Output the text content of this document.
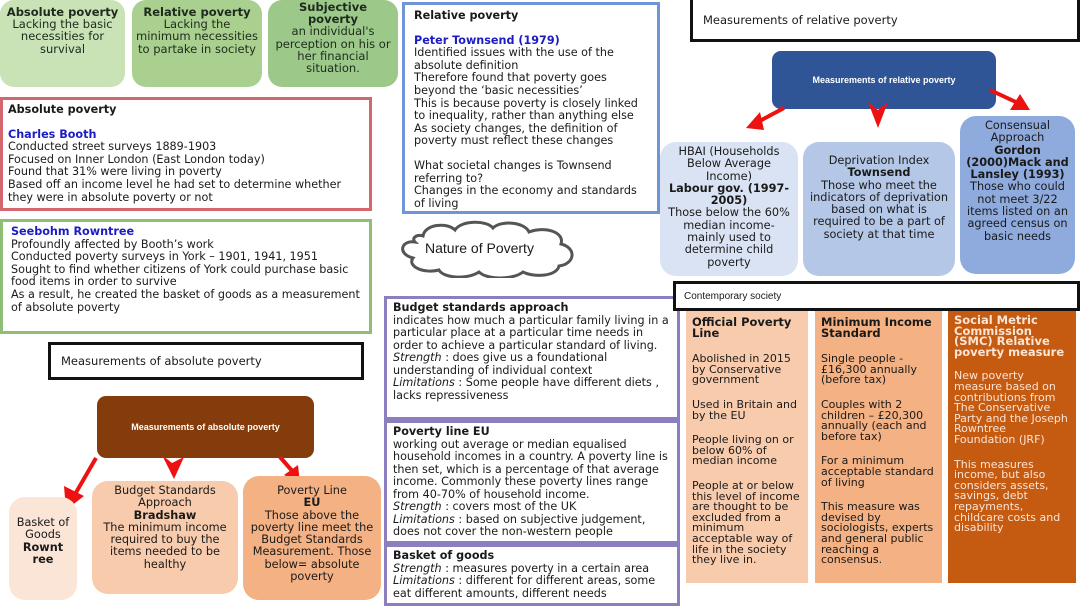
Absolute poverty
Lacking the basic necessities for survival
Relative poverty
Lacking the minimum necessities to partake in society
Subjective poverty
an individual's perception on his or her financial situation.
Absolute poverty
Charles Booth
Conducted street surveys 1889-1903
Focused on Inner London (East London today)
Found that 31% were living in poverty
Based off an income level he had set to determine whether they were in absolute poverty or not
Seebohm Rowntree
Profoundly affected by Booth’s work
Conducted poverty surveys in York – 1901, 1941, 1951
Sought to find whether citizens of York could purchase basic food items in order to survive
As a result, he created the basket of goods as a measurement of absolute poverty
Relative poverty
Peter Townsend (1979)
Identified issues with the use of the absolute definition
Therefore found that poverty goes beyond the ‘basic necessities’
This is because poverty is closely linked to inequality, rather than anything else
As society changes, the definition of poverty must reflect these changes
What societal changes is Townsend referring to?
Changes in the economy and standards of living
Nature of Poverty
Measurements of relative poverty
Measurements of relative poverty
HBAI (Households Below Average Income)
Labour gov. (1997-2005)
Those below the 60% median income- mainly used to determine child poverty
Deprivation Index
Townsend
Those who meet the indicators of deprivation based on what is required to be a part of society at that time
Consensual Approach
Gordon (2000)Mack and Lansley (1993)
Those who could not meet 3/22 items listed on an agreed census on basic needs
Measurements of absolute poverty
Measurements of absolute poverty
Basket of Goods
Rownt ree
Budget Standards Approach
Bradshaw
The minimum income required to buy the items needed to be healthy
Poverty Line
EU
Those above the poverty line meet the Budget Standards Measurement. Those below= absolute poverty
Budget standards approach
indicates how much a particular family living in a particular place at a particular time needs in order to achieve a particular standard of living.
Strength : does give us a foundational understanding of individual context
Limitations : Some people have different diets , lacks repressiveness
Poverty line EU
working out average or median equalised household incomes in a country. A poverty line is then set, which is a percentage of that average income. Commonly these poverty lines range from 40-70% of household income.
Strength : covers most of the UK
Limitations : based on subjective judgement, does not cover the non-western people
Basket of goods
Strength : measures poverty in a certain area
Limitations : different for different areas, some eat different amounts, different needs
Contemporary society
Official Poverty Line

Abolished in 2015 by Conservative government

Used in Britain and by the EU

People living on or below 60% of median income

People at or below this level of income are thought to be excluded from a minimum acceptable way of life in the society they live in.

Minimum Income Standard

Single people - £16,300 annually (before tax)

Couples with 2 children – £20,300 annually (each and before tax)

For a minimum acceptable standard of living

This measure was devised by sociologists, experts and general public reaching a consensus.

Social Metric Commission (SMC) Relative poverty measure

New poverty measure based on contributions from The Conservative Party and the Joseph Rowntree Foundation (JRF)

This measures income, but also considers assets, savings, debt repayments, childcare costs and disability
